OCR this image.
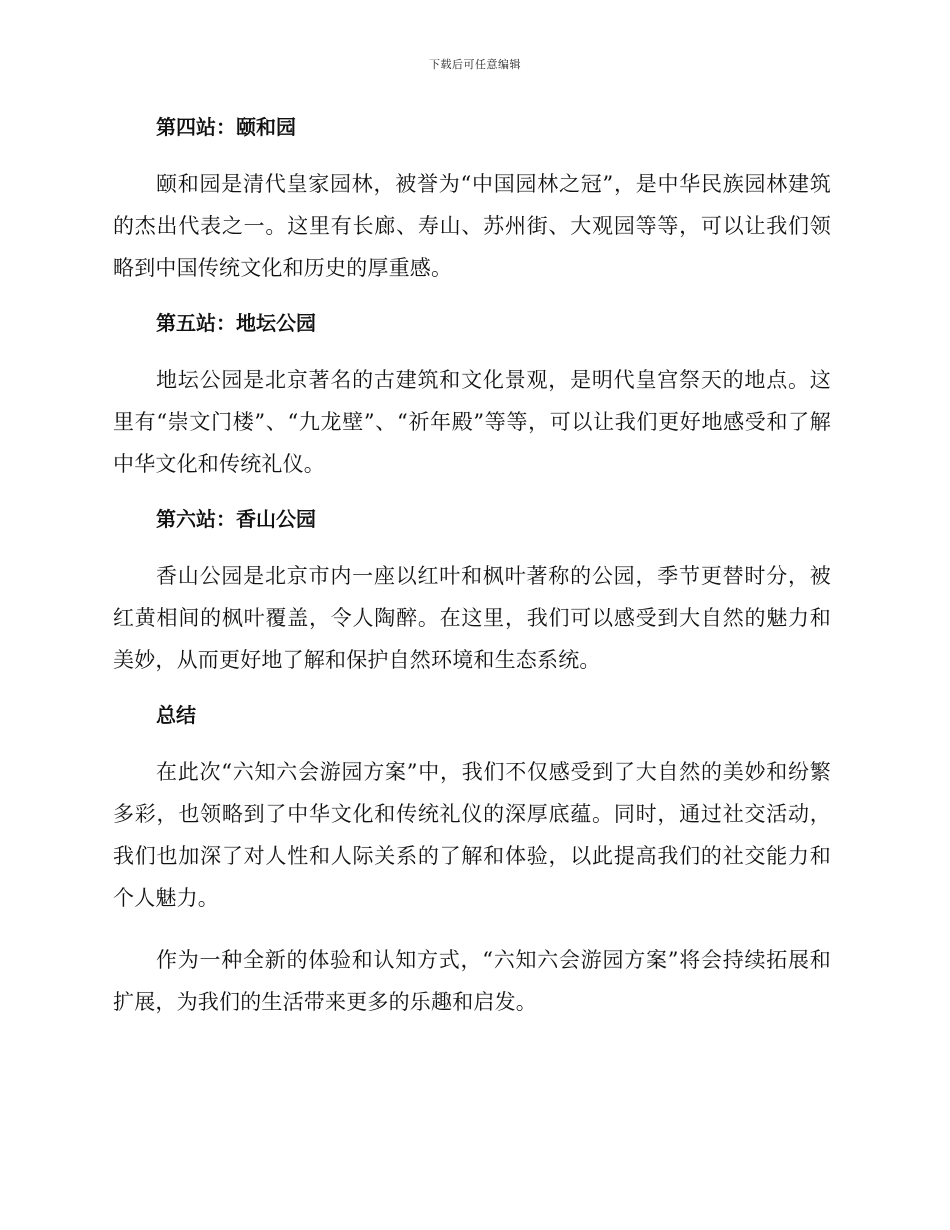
下载后可任意编辑
第四站：颐和园

颐和园是清代皇家园林，被誉为“中国园林之冠”，是中华民族园林建筑的杰出代表之一。这里有长廊、寿山、苏州街、大观园等等，可以让我们领略到中国传统文化和历史的厚重感。

第五站：地坛公园

地坛公园是北京著名的古建筑和文化景观，是明代皇宫祭天的地点。这里有“崇文门楼”、“九龙壁”、“祈年殿”等等，可以让我们更好地感受和了解中华文化和传统礼仪。

第六站：香山公园

香山公园是北京市内一座以红叶和枫叶著称的公园，季节更替时分，被红黄相间的枫叶覆盖，令人陶醉。在这里，我们可以感受到大自然的魅力和美妙，从而更好地了解和保护自然环境和生态系统。

总结

在此次“六知六会游园方案”中，我们不仅感受到了大自然的美妙和纷繁多彩，也领略到了中华文化和传统礼仪的深厚底蕴。同时，通过社交活动，我们也加深了对人性和人际关系的了解和体验，以此提高我们的社交能力和个人魅力。

作为一种全新的体验和认知方式，“六知六会游园方案”将会持续拓展和扩展，为我们的生活带来更多的乐趣和启发。
